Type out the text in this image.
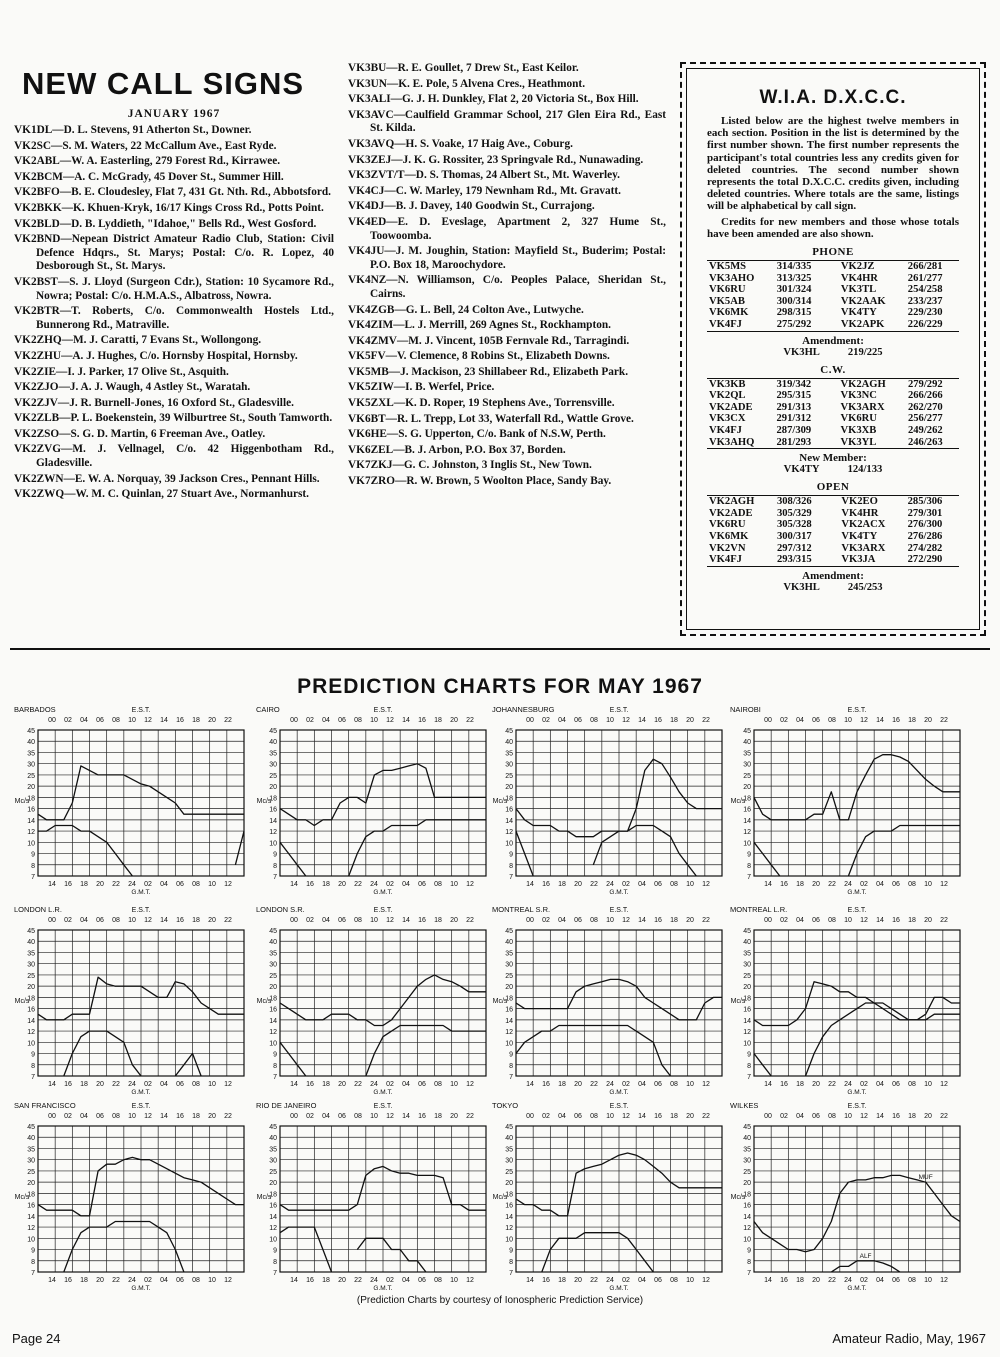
NEW CALL SIGNS
JANUARY 1967

VK1DL—D. L. Stevens, 91 Atherton St., Downer.

VK2SC—S. M. Waters, 22 McCallum Ave., East Ryde.

VK2ABL—W. A. Easterling, 279 Forest Rd., Kirrawee.

VK2BCM—A. C. McGrady, 45 Dover St., Summer Hill.

VK2BFO—B. E. Cloudesley, Flat 7, 431 Gt. Nth. Rd., Abbotsford.

VK2BKK—K. Khuen-Kryk, 16/17 Kings Cross Rd., Potts Point.

VK2BLD—D. B. Lyddieth, "Idahoe," Bells Rd., West Gosford.

VK2BND—Nepean District Amateur Radio Club, Station: Civil Defence Hdqrs., St. Marys; Postal: C/o. R. Lopez, 40 Desborough St., St. Marys.

VK2BST—S. J. Lloyd (Surgeon Cdr.), Station: 10 Sycamore Rd., Nowra; Postal: C/o. H.M.A.S., Albatross, Nowra.

VK2BTR—T. Roberts, C/o. Commonwealth Hostels Ltd., Bunnerong Rd., Matraville.

VK2ZHQ—M. J. Caratti, 7 Evans St., Wollongong.

VK2ZHU—A. J. Hughes, C/o. Hornsby Hospital, Hornsby.

VK2ZIE—I. J. Parker, 17 Olive St., Asquith.

VK2ZJO—J. A. J. Waugh, 4 Astley St., Waratah.

VK2ZJV—J. R. Burnell-Jones, 16 Oxford St., Gladesville.

VK2ZLB—P. L. Boekenstein, 39 Wilburtree St., South Tamworth.

VK2ZSO—S. G. D. Martin, 6 Freeman Ave., Oatley.

VK2ZVG—M. J. Vellnagel, C/o. 42 Higgenbotham Rd., Gladesville.

VK2ZWN—E. W. A. Norquay, 39 Jackson Cres., Pennant Hills.

VK2ZWQ—W. M. C. Quinlan, 27 Stuart Ave., Normanhurst.

VK3BU—R. E. Goullet, 7 Drew St., East Keilor.

VK3UN—K. E. Pole, 5 Alvena Cres., Heathmont.

VK3ALI—G. J. H. Dunkley, Flat 2, 20 Victoria St., Box Hill.

VK3AVC—Caulfield Grammar School, 217 Glen Eira Rd., East St. Kilda.

VK3AVQ—H. S. Voake, 17 Haig Ave., Coburg.

VK3ZEJ—J. K. G. Rossiter, 23 Springvale Rd., Nunawading.

VK3ZVT/T—D. S. Thomas, 24 Albert St., Mt. Waverley.

VK4CJ—C. W. Marley, 179 Newnham Rd., Mt. Gravatt.

VK4DJ—B. J. Davey, 140 Goodwin St., Currajong.

VK4ED—E. D. Eveslage, Apartment 2, 327 Hume St., Toowoomba.

VK4JU—J. M. Joughin, Station: Mayfield St., Buderim; Postal: P.O. Box 18, Maroochydore.

VK4NZ—N. Williamson, C/o. Peoples Palace, Sheridan St., Cairns.

VK4ZGB—G. L. Bell, 24 Colton Ave., Lutwyche.

VK4ZIM—L. J. Merrill, 269 Agnes St., Rockhampton.

VK4ZMV—M. J. Vincent, 105B Fernvale Rd., Tarragindi.

VK5FV—V. Clemence, 8 Robins St., Elizabeth Downs.

VK5MB—J. Mackison, 23 Shillabeer Rd., Elizabeth Park.

VK5ZIW—I. B. Werfel, Price.

VK5ZXL—K. D. Roper, 19 Stephens Ave., Torrensville.

VK6BT—R. L. Trepp, Lot 33, Waterfall Rd., Wattle Grove.

VK6HE—S. G. Upperton, C/o. Bank of N.S.W, Perth.

VK6ZEL—B. J. Arbon, P.O. Box 37, Borden.

VK7ZKJ—G. C. Johnston, 3 Inglis St., New Town.

VK7ZRO—R. W. Brown, 5 Woolton Place, Sandy Bay.

W.I.A. D.X.C.C.

Listed below are the highest twelve members in each section. Position in the list is determined by the first number shown. The first number represents the participant's total countries less any credits given for deleted countries. The second number shown represents the total D.X.C.C. credits given, including deleted countries. Where totals are the same, listings will be alphabetical by call sign.

Credits for new members and those whose totals have been amended are also shown.

PHONE
VK5MS	314/335	VK2JZ	266/281
VK3AHO	313/325	VK4HR	261/277
VK6RU	301/324	VK3TL	254/258
VK5AB	300/314	VK2AAK	233/237
VK6MK	298/315	VK4TY	229/230
VK4FJ	275/292	VK2APK	226/229
Amendment:
VK3HL	219/225
C.W.
VK3KB	319/342	VK2AGH	279/292
VK2QL	295/315	VK3NC	266/266
VK2ADE	291/313	VK3ARX	262/270
VK3CX	291/312	VK6RU	256/277
VK4FJ	287/309	VK3XB	249/262
VK3AHQ	281/293	VK3YL	246/263
New Member:
VK4TY	124/133
OPEN
VK2AGH	308/326	VK2EO	285/306
VK2ADE	305/329	VK4HR	279/301
VK6RU	305/328	VK2ACX	276/300
VK6MK	300/317	VK4TY	276/286
VK2VN	297/312	VK3ARX	274/282
VK4FJ	293/315	VK3JA	272/290
Amendment:
VK3HL	245/253
PREDICTION CHARTS FOR MAY 1967
BARBADOS	E.S.T.
00 02 04 06 08 10 12 14 16 18 20 22
45
40
35
30
25
20
18
16
14
12
10
9
8
7
Mc/s
14 16 18 20 22 24 02 04 06 08 10 12
G.M.T.
CAIRO	E.S.T.
00 02 04 06 08 10 12 14 16 18 20 22
45
40
35
30
25
20
18
16
14
12
10
9
8
7
Mc/s
14 16 18 20 22 24 02 04 06 08 10 12
G.M.T.
JOHANNESBURG	E.S.T.
00 02 04 06 08 10 12 14 16 18 20 22
45
40
35
30
25
20
18
16
14
12
10
9
8
7
Mc/s
14 16 18 20 22 24 02 04 06 08 10 12
G.M.T.
NAIROBI	E.S.T.
00 02 04 06 08 10 12 14 16 18 20 22
45
40
35
30
25
20
18
16
14
12
10
9
8
7
Mc/s
14 16 18 20 22 24 02 04 06 08 10 12
G.M.T.
LONDON L.R.	E.S.T.
00 02 04 06 08 10 12 14 16 18 20 22
45
40
35
30
25
20
18
16
14
12
10
9
8
7
Mc/s
14 16 18 20 22 24 02 04 06 08 10 12
G.M.T.
LONDON S.R.	E.S.T.
00 02 04 06 08 10 12 14 16 18 20 22
45
40
35
30
25
20
18
16
14
12
10
9
8
7
Mc/s
14 16 18 20 22 24 02 04 06 08 10 12
G.M.T.
MONTREAL S.R.	E.S.T.
00 02 04 06 08 10 12 14 16 18 20 22
45
40
35
30
25
20
18
16
14
12
10
9
8
7
Mc/s
14 16 18 20 22 24 02 04 06 08 10 12
G.M.T.
MONTREAL L.R.	E.S.T.
00 02 04 06 08 10 12 14 16 18 20 22
45
40
35
30
25
20
18
16
14
12
10
9
8
7
Mc/s
14 16 18 20 22 24 02 04 06 08 10 12
G.M.T.
SAN FRANCISCO	E.S.T.
00 02 04 06 08 10 12 14 16 18 20 22
45
40
35
30
25
20
18
16
14
12
10
9
8
7
Mc/s
14 16 18 20 22 24 02 04 06 08 10 12
G.M.T.
RIO DE JANEIRO	E.S.T.
00 02 04 06 08 10 12 14 16 18 20 22
45
40
35
30
25
20
18
16
14
12
10
9
8
7
Mc/s
14 16 18 20 22 24 02 04 06 08 10 12
G.M.T.
TOKYO	E.S.T.
00 02 04 06 08 10 12 14 16 18 20 22
45
40
35
30
25
20
18
16
14
12
10
9
8
7
Mc/s
14 16 18 20 22 24 02 04 06 08 10 12
G.M.T.
WILKES	E.S.T.
00 02 04 06 08 10 12 14 16 18 20 22
45
40
35
30
25
20
18
16
14
12
10
9
8
7
Mc/s
14 16 18 20 22 24 02 04 06 08 10 12
G.M.T.
MUF
ALF
(Prediction Charts by courtesy of Ionospheric Prediction Service)
Page 24	Amateur Radio, May, 1967
